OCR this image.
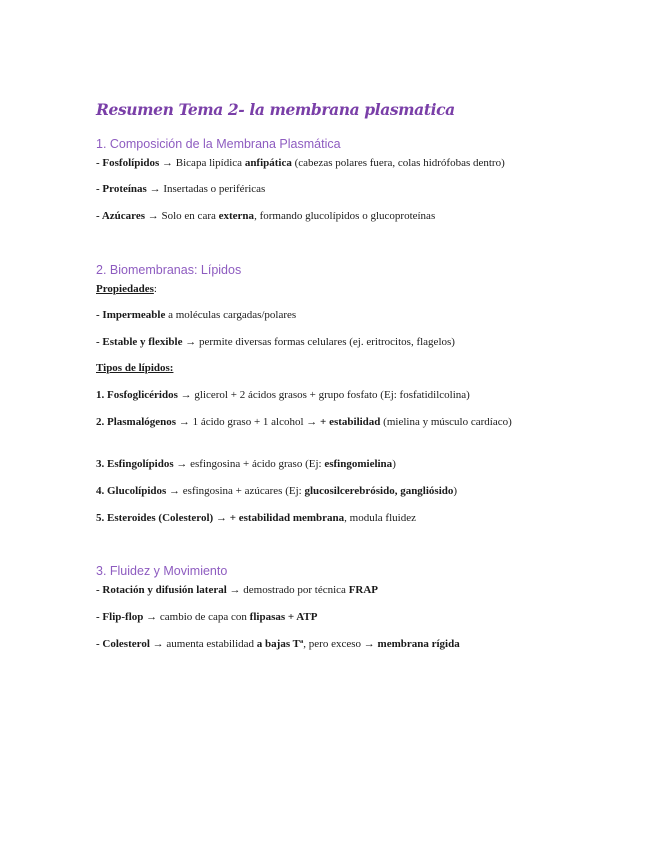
Resumen Tema 2- la membrana plasmatica
1. Composición de la Membrana Plasmática
- Fosfolípidos → Bicapa lipídica anfipática (cabezas polares fuera, colas hidrófobas dentro)
- Proteínas → Insertadas o periféricas
- Azúcares → Solo en cara externa, formando glucolípidos o glucoproteínas
2. Biomembranas: Lípidos
Propiedades:
- Impermeable a moléculas cargadas/polares
- Estable y flexible → permite diversas formas celulares (ej. eritrocitos, flagelos)
Tipos de lípidos:
1. Fosfoglicéridos → glicerol + 2 ácidos grasos + grupo fosfato (Ej: fosfatidilcolina)
2. Plasmalógenos → 1 ácido graso + 1 alcohol → + estabilidad (mielina y músculo cardíaco)
3. Esfingolípidos → esfingosina + ácido graso (Ej: esfingomielina)
4. Glucolípidos → esfingosina + azúcares (Ej: glucosilcerebrósido, gangliósido)
5. Esteroides (Colesterol) → + estabilidad membrana, modula fluidez
3. Fluidez y Movimiento
- Rotación y difusión lateral → demostrado por técnica FRAP
- Flip-flop → cambio de capa con flipasas + ATP
- Colesterol → aumenta estabilidad a bajas Tª, pero exceso → membrana rígida
